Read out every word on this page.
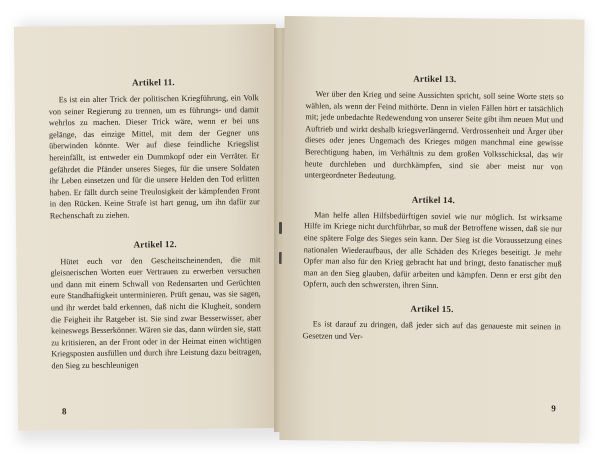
Artikel 11.

Es ist ein alter Trick der politischen Kriegführung, ein Volk von seiner Regierung zu trennen, um es führungs- und damit wehrlos zu machen. Dieser Trick wäre, wenn er bei uns gelänge, das einzige Mittel, mit dem der Gegner uns überwinden könnte. Wer auf diese feindliche Kriegslist hereinfällt, ist entweder ein Dummkopf oder ein Verräter. Er gefährdet die Pfänder unseres Sieges, für die unsere Soldaten ihr Leben einsetzen und für die unsere Helden den Tod erlitten haben. Er fällt durch seine Treulosigkeit der kämpfenden Front in den Rücken. Keine Strafe ist hart genug, um ihn dafür zur Rechenschaft zu ziehen.

Artikel 12.

Hütet euch vor den Gescheitscheinenden, die mit gleisnerischen Worten euer Vertrauen zu erwerben versuchen und dann mit einem Schwall von Redensarten und Gerüchten eure Standhaftigkeit unterminieren. Prüft genau, was sie sagen, und ihr werdet bald erkennen, daß nicht die Klugheit, sondern die Feigheit ihr Ratgeber ist. Sie sind zwar Besserwisser, aber keineswegs Besserkönner. Wären sie das, dann würden sie, statt zu kritisieren, an der Front oder in der Heimat einen wichtigen Kriegsposten ausfüllen und durch ihre Leistung dazu beitragen, den Sieg zu beschleunigen

8
Artikel 13.

Wer über den Krieg und seine Aussichten spricht, soll seine Worte stets so wählen, als wenn der Feind mithörte. Denn in vielen Fällen hört er tatsächlich mit; jede unbedachte Redewendung von unserer Seite gibt ihm neuen Mut und Auftrieb und wirkt deshalb kriegsverlängernd. Verdrossenheit und Ärger über dieses oder jenes Ungemach des Krieges mögen manchmal eine gewisse Berechtigung haben, im Verhältnis zu dem großen Volksschicksal, das wir heute durchleben und durchkämpfen, sind sie aber meist nur von untergeordneter Bedeutung.

Artikel 14.

Man helfe allen Hilfsbedürftigen soviel wie nur möglich. Ist wirksame Hilfe im Kriege nicht durchführbar, so muß der Betroffene wissen, daß sie nur eine spätere Folge des Sieges sein kann. Der Sieg ist die Voraussetzung eines nationalen Wiederaufbaus, der alle Schäden des Krieges beseitigt. Je mehr Opfer man also für den Krieg gebracht hat und bringt, desto fanatischer muß man an den Sieg glauben, dafür arbeiten und kämpfen. Denn er erst gibt den Opfern, auch den schwersten, ihren Sinn.

Artikel 15.

Es ist darauf zu dringen, daß jeder sich auf das genaueste mit seinen in Gesetzen und Ver-

9
